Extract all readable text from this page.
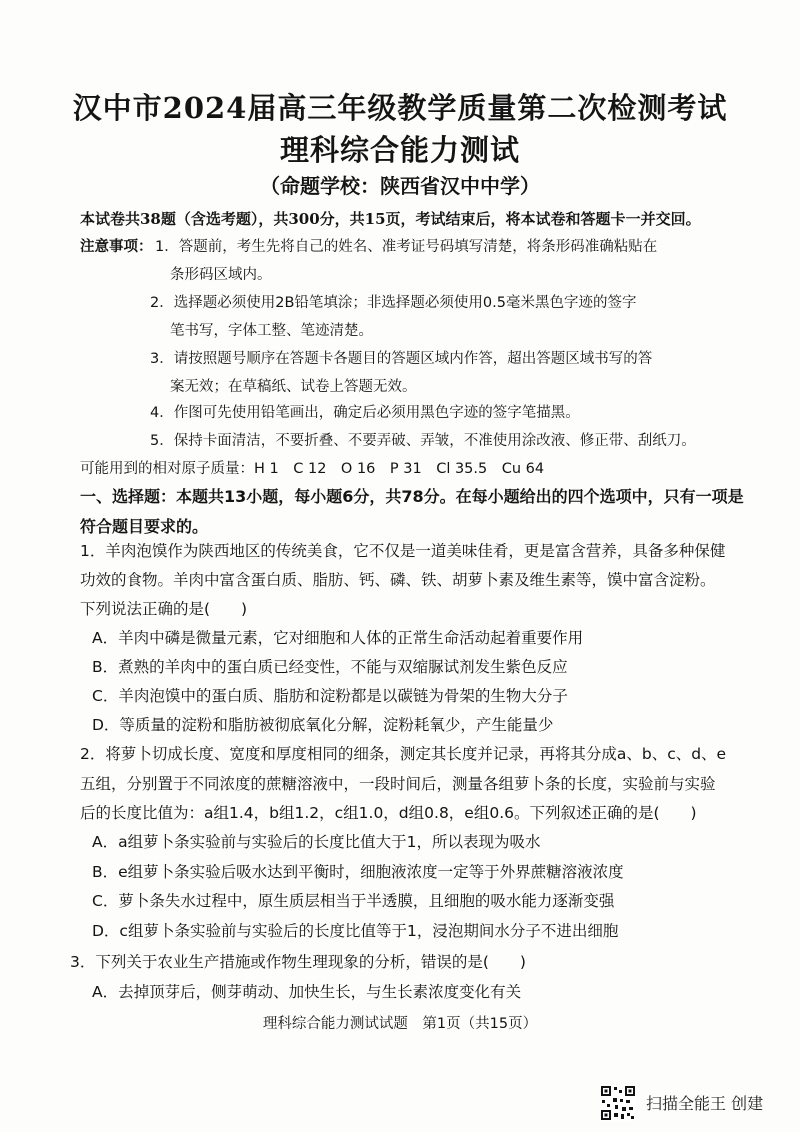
汉中市2024届高三年级教学质量第二次检测考试
理科综合能力测试
（命题学校：陕西省汉中中学）
本试卷共38题（含选考题），共300分，共15页，考试结束后，将本试卷和答题卡一并交回。
注意事项： 1．答题前，考生先将自己的姓名、准考证号码填写清楚，将条形码准确粘贴在
条形码区域内。
2．选择题必须使用2B铅笔填涂；非选择题必须使用0.5毫米黑色字迹的签字
笔书写，字体工整、笔迹清楚。
3．请按照题号顺序在答题卡各题目的答题区域内作答，超出答题区域书写的答
案无效；在草稿纸、试卷上答题无效。
4．作图可先使用铅笔画出，确定后必须用黑色字迹的签字笔描黑。
5．保持卡面清洁，不要折叠、不要弄破、弄皱，不准使用涂改液、修正带、刮纸刀。
可能用到的相对原子质量：H 1　C 12　O 16　P 31　Cl 35.5　Cu 64
一、选择题：本题共13小题，每小题6分，共78分。在每小题给出的四个选项中，只有一项是
符合题目要求的。
1．羊肉泡馍作为陕西地区的传统美食，它不仅是一道美味佳肴，更是富含营养，具备多种保健
功效的食物。羊肉中富含蛋白质、脂肪、钙、磷、铁、胡萝卜素及维生素等，馍中富含淀粉。
下列说法正确的是(　　)
A．羊肉中磷是微量元素，它对细胞和人体的正常生命活动起着重要作用
B．煮熟的羊肉中的蛋白质已经变性，不能与双缩脲试剂发生紫色反应
C．羊肉泡馍中的蛋白质、脂肪和淀粉都是以碳链为骨架的生物大分子
D．等质量的淀粉和脂肪被彻底氧化分解，淀粉耗氧少，产生能量少
2．将萝卜切成长度、宽度和厚度相同的细条，测定其长度并记录，再将其分成a、b、c、d、e
五组，分别置于不同浓度的蔗糖溶液中，一段时间后，测量各组萝卜条的长度，实验前与实验
后的长度比值为：a组1.4，b组1.2，c组1.0，d组0.8，e组0.6。下列叙述正确的是(　　)
A．a组萝卜条实验前与实验后的长度比值大于1，所以表现为吸水
B．e组萝卜条实验后吸水达到平衡时，细胞液浓度一定等于外界蔗糖溶液浓度
C．萝卜条失水过程中，原生质层相当于半透膜，且细胞的吸水能力逐渐变强
D．c组萝卜条实验前与实验后的长度比值等于1，浸泡期间水分子不进出细胞
3．下列关于农业生产措施或作物生理现象的分析，错误的是(　　)
A．去掉顶芽后，侧芽萌动、加快生长，与生长素浓度变化有关
理科综合能力测试试题　第1页（共15页）
扫描全能王 创建
